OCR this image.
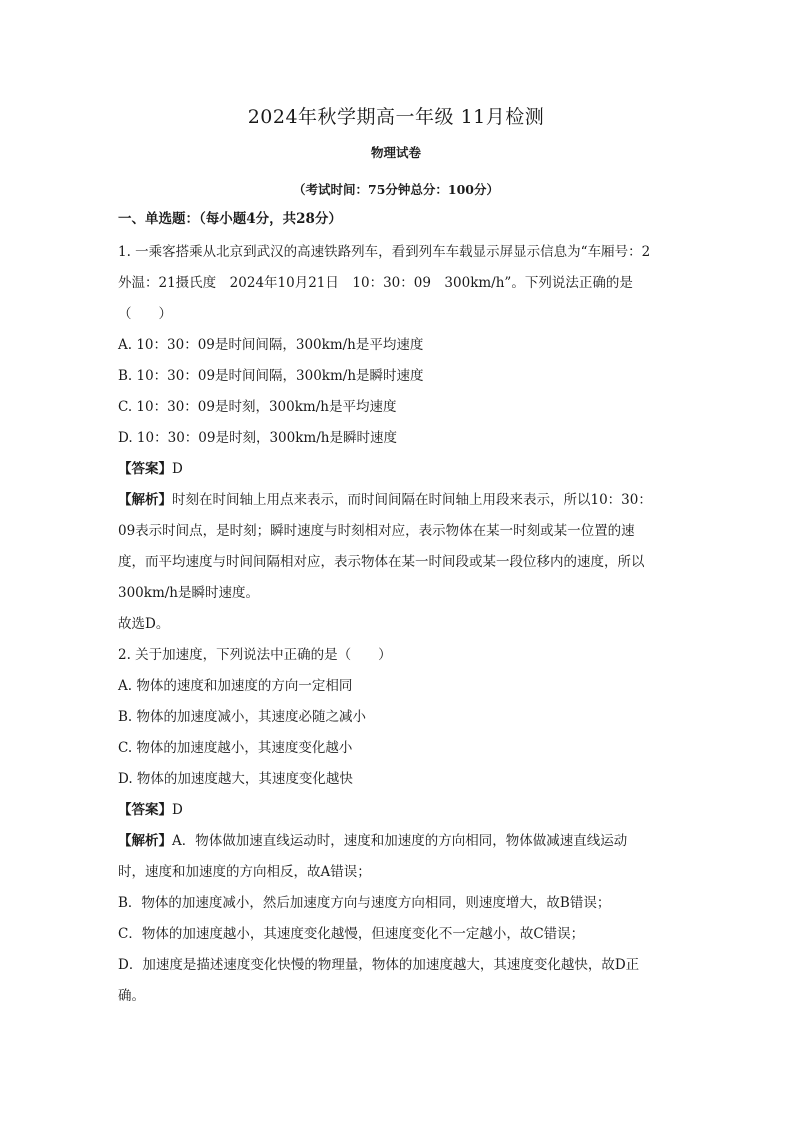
2024年秋学期高一年级 11月检测
物理试卷
（考试时间：75分钟总分：100分）
一、单选题：（每小题4分，共28分）
1. 一乘客搭乘从北京到武汉的高速铁路列车，看到列车车载显示屏显示信息为“车厢号：2
外温：21摄氏度　2024年10月21日　10：30：09　300km/h”。下列说法正确的是
（　　）
A. 10：30：09是时间间隔，300km/h是平均速度
B. 10：30：09是时间间隔，300km/h是瞬时速度
C. 10：30：09是时刻，300km/h是平均速度
D. 10：30：09是时刻，300km/h是瞬时速度
【答案】D
【解析】时刻在时间轴上用点来表示，而时间间隔在时间轴上用段来表示，所以10：30：
09表示时间点，是时刻；瞬时速度与时刻相对应，表示物体在某一时刻或某一位置的速
度，而平均速度与时间间隔相对应，表示物体在某一时间段或某一段位移内的速度，所以
300km/h是瞬时速度。
故选D。
2. 关于加速度，下列说法中正确的是（　　）
A. 物体的速度和加速度的方向一定相同
B. 物体的加速度减小，其速度必随之减小
C. 物体的加速度越小，其速度变化越小
D. 物体的加速度越大，其速度变化越快
【答案】D
【解析】A．物体做加速直线运动时，速度和加速度的方向相同，物体做减速直线运动
时，速度和加速度的方向相反，故A错误；
B．物体的加速度减小，然后加速度方向与速度方向相同，则速度增大，故B错误；
C．物体的加速度越小，其速度变化越慢，但速度变化不一定越小，故C错误；
D．加速度是描述速度变化快慢的物理量，物体的加速度越大，其速度变化越快，故D正
确。
